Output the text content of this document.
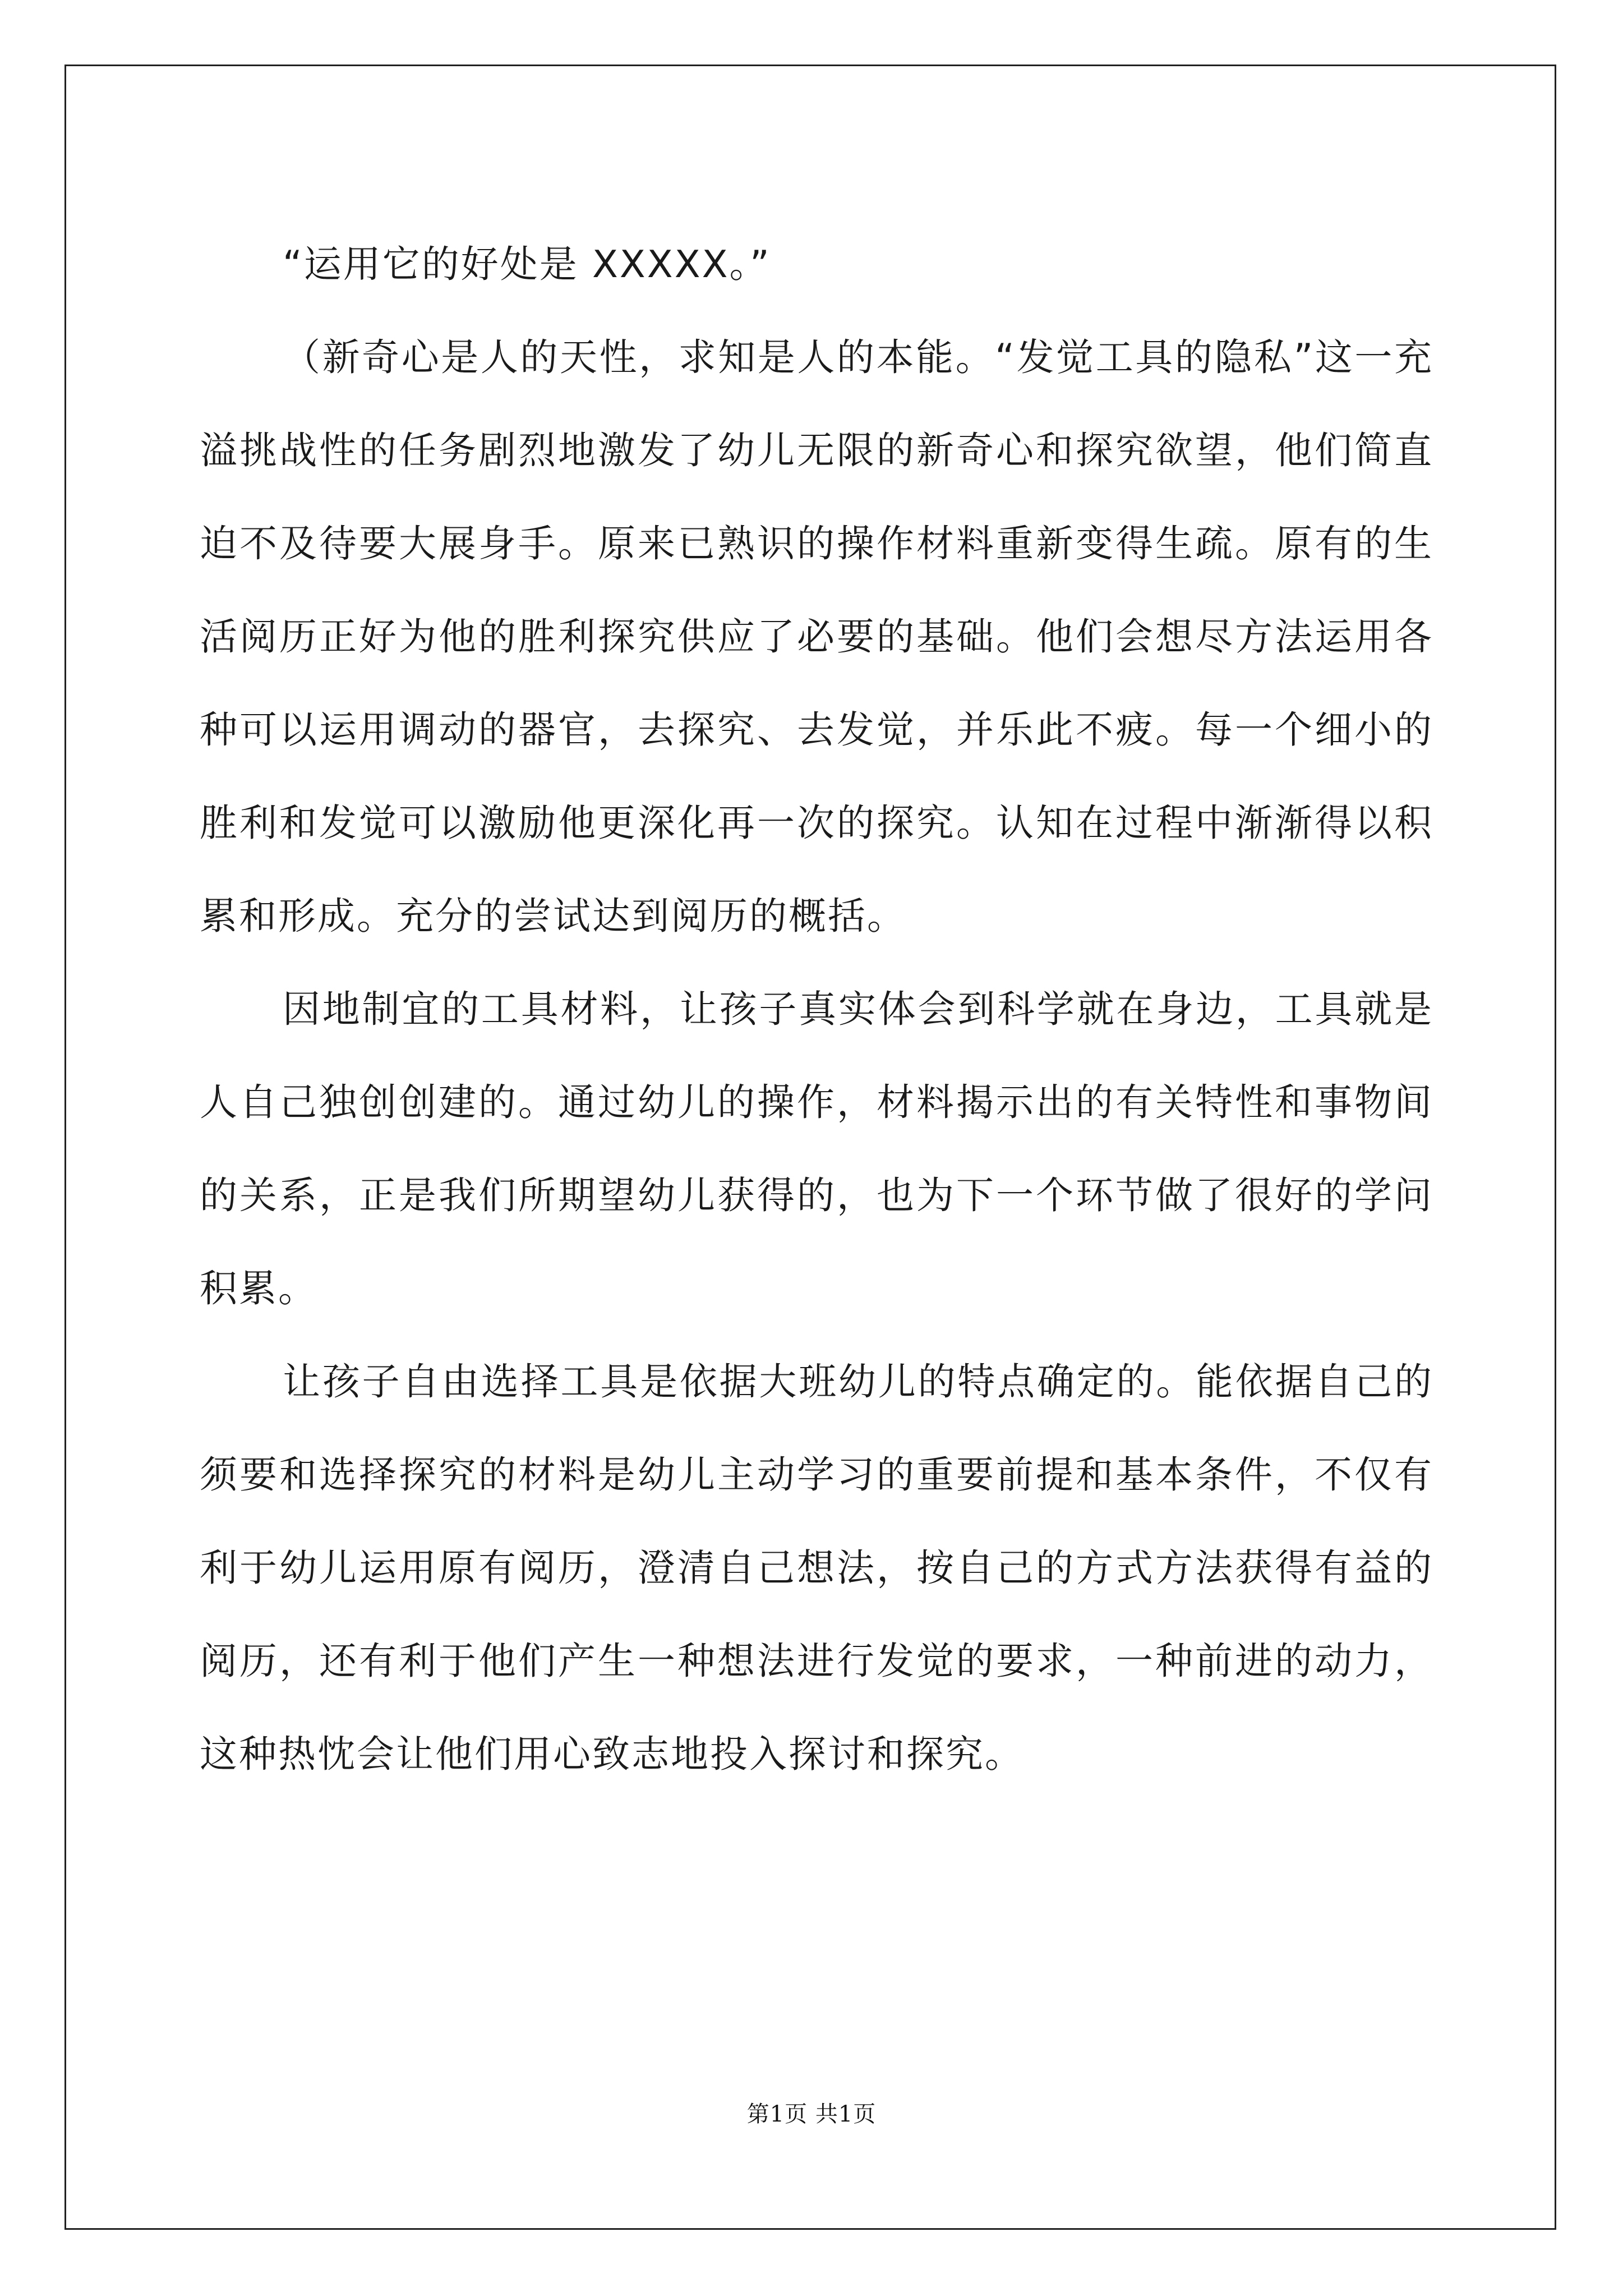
“运用它的好处是 XXXXX。”

（新奇心是人的天性，求知是人的本能。“发觉工具的隐私”这一充溢挑战性的任务剧烈地激发了幼儿无限的新奇心和探究欲望，他们简直迫不及待要大展身手。原来已熟识的操作材料重新变得生疏。原有的生活阅历正好为他的胜利探究供应了必要的基础。他们会想尽方法运用各种可以运用调动的器官，去探究、去发觉，并乐此不疲。每一个细小的胜利和发觉可以激励他更深化再一次的探究。认知在过程中渐渐得以积累和形成。充分的尝试达到阅历的概括。

因地制宜的工具材料，让孩子真实体会到科学就在身边，工具就是人自己独创创建的。通过幼儿的操作，材料揭示出的有关特性和事物间的关系，正是我们所期望幼儿获得的，也为下一个环节做了很好的学问积累。

让孩子自由选择工具是依据大班幼儿的特点确定的。能依据自己的须要和选择探究的材料是幼儿主动学习的重要前提和基本条件，不仅有利于幼儿运用原有阅历，澄清自己想法，按自己的方式方法获得有益的阅历，还有利于他们产生一种想法进行发觉的要求，一种前进的动力，这种热忱会让他们用心致志地投入探讨和探究。

第1页 共1页
